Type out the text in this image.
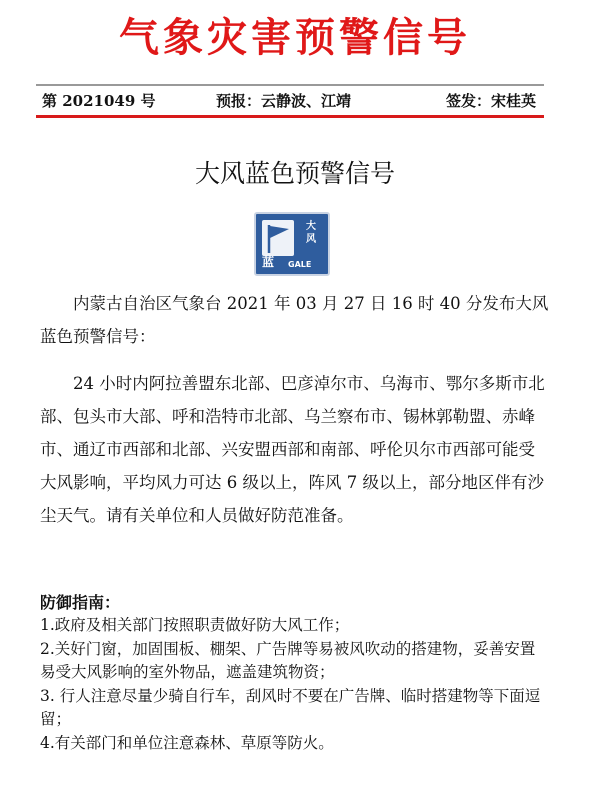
气象灾害预警信号
第 2021049 号	预报：云静波、江靖	签发：宋桂英
大风蓝色预警信号
大
风
蓝 GALE

内蒙古自治区气象台 2021 年 03 月 27 日 16 时 40 分发布大风蓝色预警信号：

24 小时内阿拉善盟东北部、巴彦淖尔市、乌海市、鄂尔多斯市北部、包头市大部、呼和浩特市北部、乌兰察布市、锡林郭勒盟、赤峰市、通辽市西部和北部、兴安盟西部和南部、呼伦贝尔市西部可能受大风影响，平均风力可达 6 级以上，阵风 7 级以上，部分地区伴有沙尘天气。请有关单位和人员做好防范准备。

防御指南：
1.政府及相关部门按照职责做好防大风工作；
2.关好门窗，加固围板、棚架、广告牌等易被风吹动的搭建物，妥善安置易受大风影响的室外物品，遮盖建筑物资；
3. 行人注意尽量少骑自行车，刮风时不要在广告牌、临时搭建物等下面逗留；
4.有关部门和单位注意森林、草原等防火。
